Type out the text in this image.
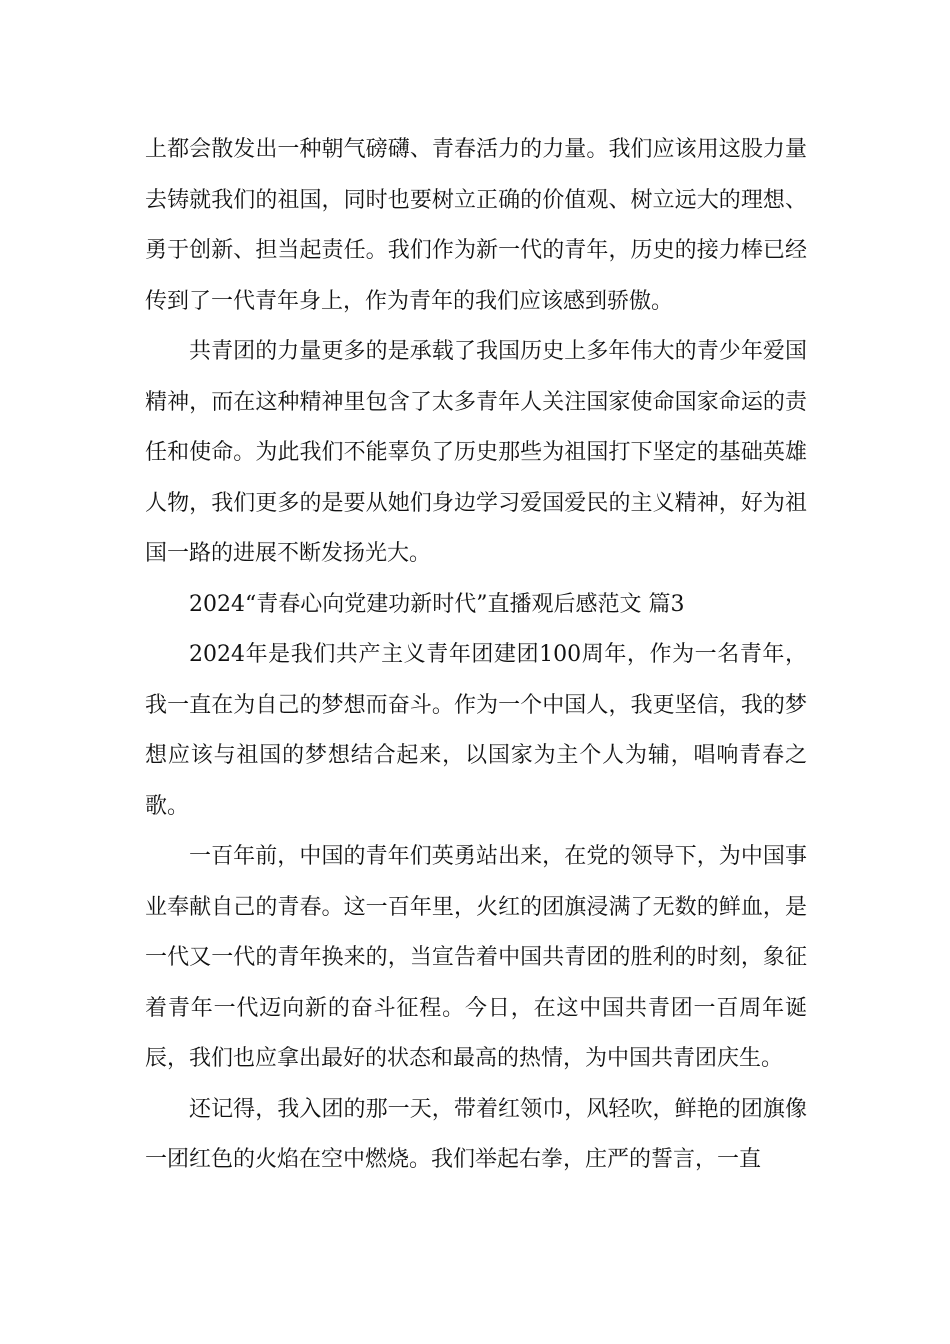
上都会散发出一种朝气磅礴、青春活力的力量。我们应该用这股力量去铸就我们的祖国，同时也要树立正确的价值观、树立远大的理想、勇于创新、担当起责任。我们作为新一代的青年，历史的接力棒已经传到了一代青年身上，作为青年的我们应该感到骄傲。

共青团的力量更多的是承载了我国历史上多年伟大的青少年爱国精神，而在这种精神里包含了太多青年人关注国家使命国家命运的责任和使命。为此我们不能辜负了历史那些为祖国打下坚定的基础英雄人物，我们更多的是要从她们身边学习爱国爱民的主义精神，好为祖国一路的进展不断发扬光大。

2024“青春心向党建功新时代”直播观后感范文 篇3

2024年是我们共产主义青年团建团100周年，作为一名青年，我一直在为自己的梦想而奋斗。作为一个中国人，我更坚信，我的梦想应该与祖国的梦想结合起来，以国家为主个人为辅，唱响青春之歌。

一百年前，中国的青年们英勇站出来，在党的领导下，为中国事业奉献自己的青春。这一百年里，火红的团旗浸满了无数的鲜血，是一代又一代的青年换来的，当宣告着中国共青团的胜利的时刻，象征着青年一代迈向新的奋斗征程。今日，在这中国共青团一百周年诞辰，我们也应拿出最好的状态和最高的热情，为中国共青团庆生。

还记得，我入团的那一天，带着红领巾，风轻吹，鲜艳的团旗像一团红色的火焰在空中燃烧。我们举起右拳，庄严的誓言，一直
